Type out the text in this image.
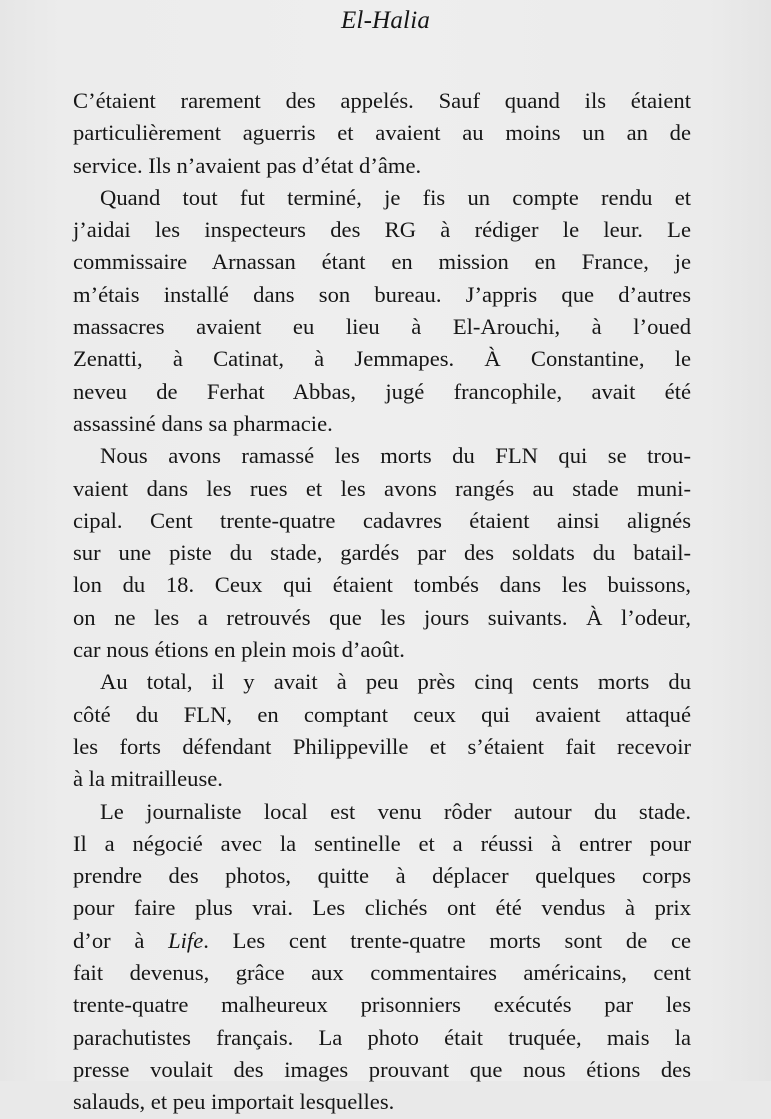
El-Halia

C’étaient rarement des appelés. Sauf quand ils étaient
particulièrement aguerris et avaient au moins un an de
service. Ils n’avaient pas d’état d’âme.

Quand tout fut terminé, je fis un compte rendu et
j’aidai les inspecteurs des RG à rédiger le leur. Le
commissaire Arnassan étant en mission en France, je
m’étais installé dans son bureau. J’appris que d’autres
massacres avaient eu lieu à El-Arouchi, à l’oued
Zenatti, à Catinat, à Jemmapes. À Constantine, le
neveu de Ferhat Abbas, jugé francophile, avait été
assassiné dans sa pharmacie.

Nous avons ramassé les morts du FLN qui se trou-
vaient dans les rues et les avons rangés au stade muni-
cipal. Cent trente-quatre cadavres étaient ainsi alignés
sur une piste du stade, gardés par des soldats du batail-
lon du 18. Ceux qui étaient tombés dans les buissons,
on ne les a retrouvés que les jours suivants. À l’odeur,
car nous étions en plein mois d’août.

Au total, il y avait à peu près cinq cents morts du
côté du FLN, en comptant ceux qui avaient attaqué
les forts défendant Philippeville et s’étaient fait recevoir
à la mitrailleuse.

Le journaliste local est venu rôder autour du stade.
Il a négocié avec la sentinelle et a réussi à entrer pour
prendre des photos, quitte à déplacer quelques corps
pour faire plus vrai. Les clichés ont été vendus à prix
d’or à Life. Les cent trente-quatre morts sont de ce
fait devenus, grâce aux commentaires américains, cent
trente-quatre malheureux prisonniers exécutés par les
parachutistes français. La photo était truquée, mais la
presse voulait des images prouvant que nous étions des
salauds, et peu importait lesquelles.
